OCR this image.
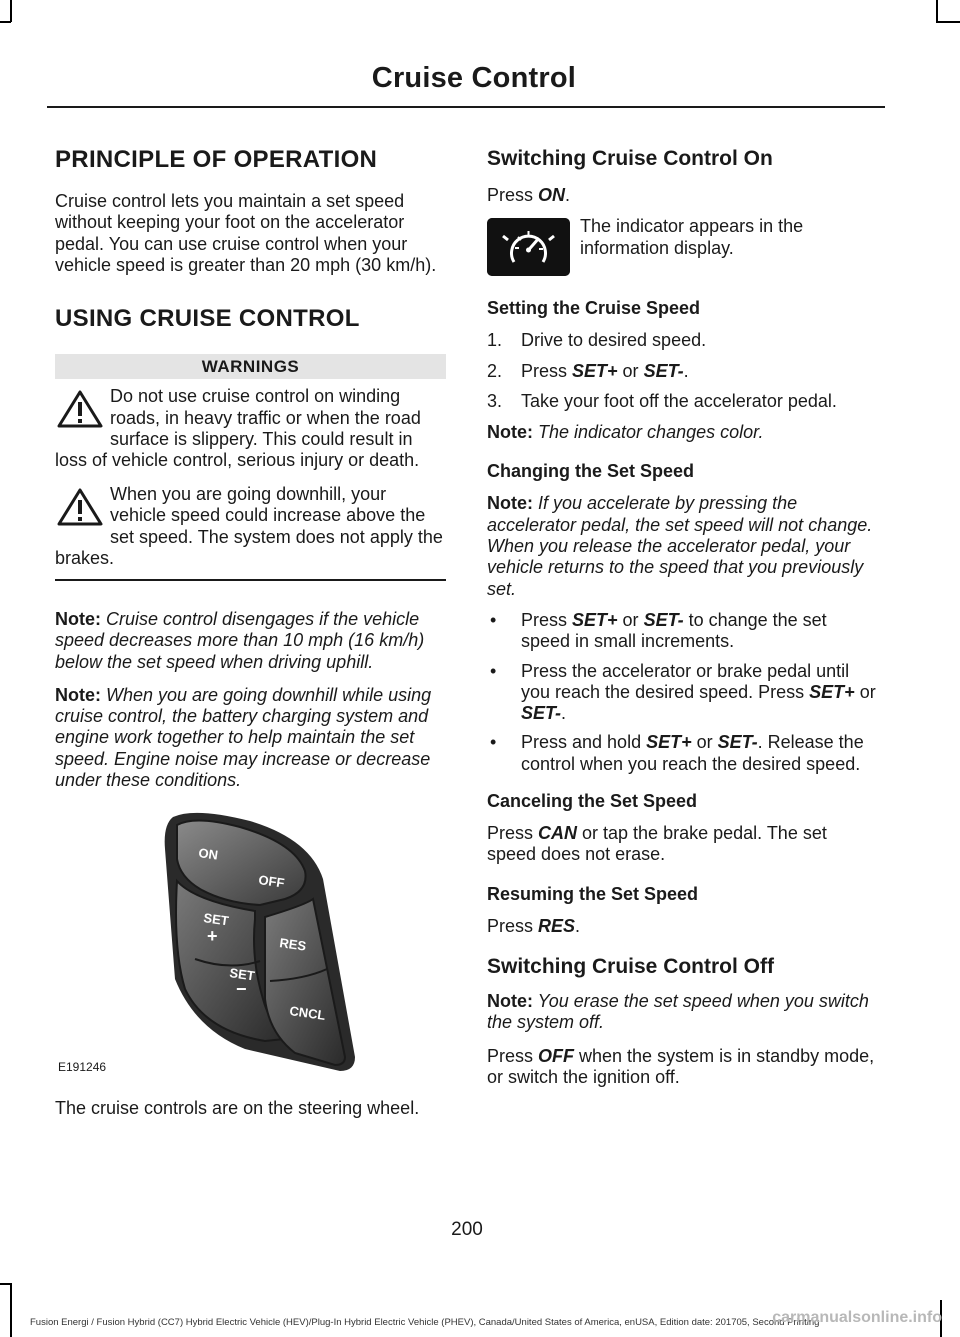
Cruise Control
PRINCIPLE OF OPERATION
Cruise control lets you maintain a set speed without keeping your foot on the accelerator pedal. You can use cruise control when your vehicle speed is greater than 20 mph (30 km/h).
USING CRUISE CONTROL
WARNINGS
Do not use cruise control on winding roads, in heavy traffic or when the road surface is slippery. This could result in loss of vehicle control, serious injury or death.
When you are going downhill, your vehicle speed could increase above the set speed. The system does not apply the brakes.
Note: Cruise control disengages if the vehicle speed decreases more than 10 mph (16 km/h) below the set speed when driving uphill.
Note: When you are going downhill while using cruise control, the battery charging system and engine work together to help maintain the set speed. Engine noise may increase or decrease under these conditions.
ON
OFF
SET
+	RES
SET
−
CNCL
E191246
The cruise controls are on the steering wheel.
Switching Cruise Control On
Press ON.
The indicator appears in the information display.
Setting the Cruise Speed
1. Drive to desired speed.
2. Press SET+ or SET-.
3. Take your foot off the accelerator pedal.
Note: The indicator changes color.
Changing the Set Speed
Note: If you accelerate by pressing the accelerator pedal, the set speed will not change. When you release the accelerator pedal, your vehicle returns to the speed that you previously set.
• Press SET+ or SET- to change the set speed in small increments.
• Press the accelerator or brake pedal until you reach the desired speed. Press SET+ or SET-.
• Press and hold SET+ or SET-. Release the control when you reach the desired speed.
Canceling the Set Speed
Press CAN or tap the brake pedal. The set speed does not erase.
Resuming the Set Speed
Press RES.
Switching Cruise Control Off
Note: You erase the set speed when you switch the system off.
Press OFF when the system is in standby mode, or switch the ignition off.
200
Fusion Energi / Fusion Hybrid (CC7) Hybrid Electric Vehicle (HEV)/Plug-In Hybrid Electric Vehicle (PHEV), Canada/United States of America, enUSA, Edition date: 201705, Second Printing
carmanualsonline.info
